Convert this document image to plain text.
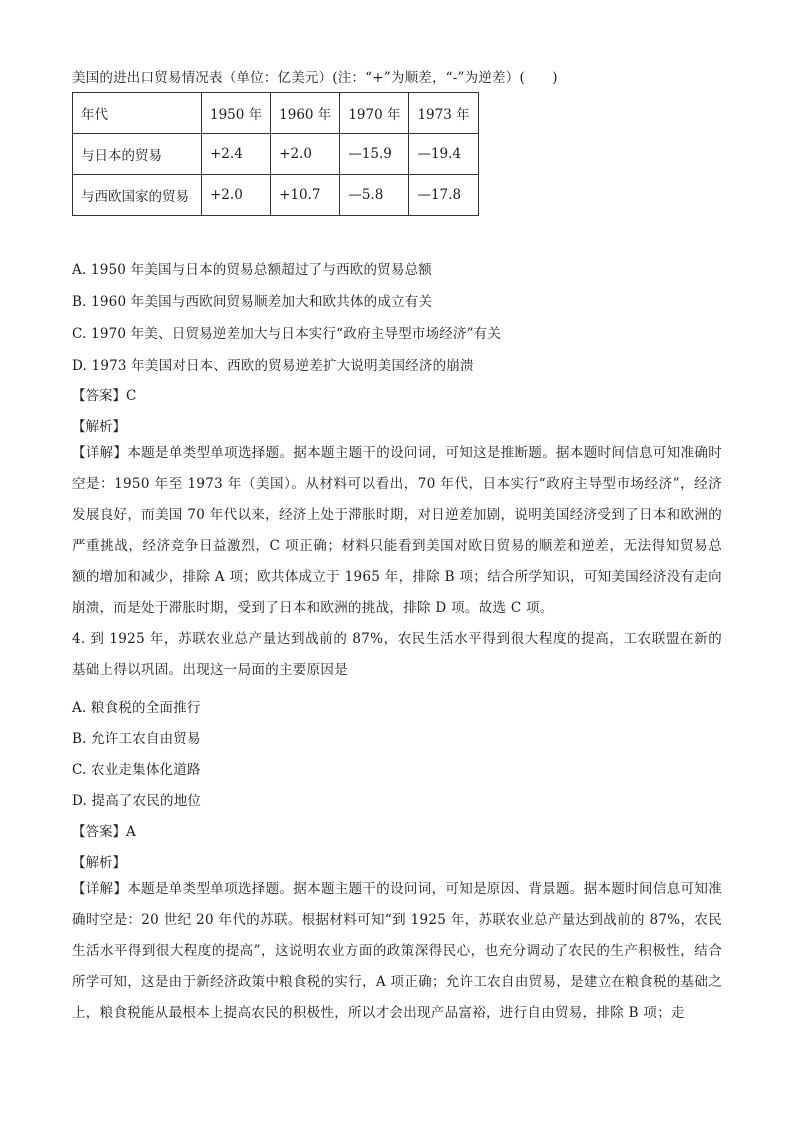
美国的进出口贸易情况表（单位：亿美元）(注：“+”为顺差，“-”为逆差）(　　)
年代	1950 年	1960 年	1970 年	1973 年
与日本的贸易	+2.4	+2.0	—15.9	—19.4
与西欧国家的贸易	+2.0	+10.7	—5.8	—17.8
A. 1950 年美国与日本的贸易总额超过了与西欧的贸易总额
B. 1960 年美国与西欧间贸易顺差加大和欧共体的成立有关
C. 1970 年美、日贸易逆差加大与日本实行“政府主导型市场经济”有关
D. 1973 年美国对日本、西欧的贸易逆差扩大说明美国经济的崩溃
【答案】C
【解析】
【详解】本题是单类型单项选择题。据本题主题干的设问词，可知这是推断题。据本题时间信息可知准确时空是：1950 年至 1973 年（美国）。从材料可以看出，70 年代，日本实行“政府主导型市场经济”，经济发展良好，而美国 70 年代以来，经济上处于滞胀时期，对日逆差加剧，说明美国经济受到了日本和欧洲的严重挑战，经济竞争日益激烈，C 项正确；材料只能看到美国对欧日贸易的顺差和逆差，无法得知贸易总额的增加和减少，排除 A 项；欧共体成立于 1965 年，排除 B 项；结合所学知识，可知美国经济没有走向崩溃，而是处于滞胀时期，受到了日本和欧洲的挑战，排除 D 项。故选 C 项。
4. 到 1925 年，苏联农业总产量达到战前的 87%，农民生活水平得到很大程度的提高，工农联盟在新的基础上得以巩固。出现这一局面的主要原因是
A. 粮食税的全面推行
B. 允许工农自由贸易
C. 农业走集体化道路
D. 提高了农民的地位
【答案】A
【解析】
【详解】本题是单类型单项选择题。据本题主题干的设问词，可知是原因、背景题。据本题时间信息可知准确时空是：20 世纪 20 年代的苏联。根据材料可知“到 1925 年，苏联农业总产量达到战前的 87%，农民生活水平得到很大程度的提高”，这说明农业方面的政策深得民心，也充分调动了农民的生产积极性，结合所学可知，这是由于新经济政策中粮食税的实行，A 项正确；允许工农自由贸易，是建立在粮食税的基础之上，粮食税能从最根本上提高农民的积极性，所以才会出现产品富裕，进行自由贸易，排除 B 项；走
